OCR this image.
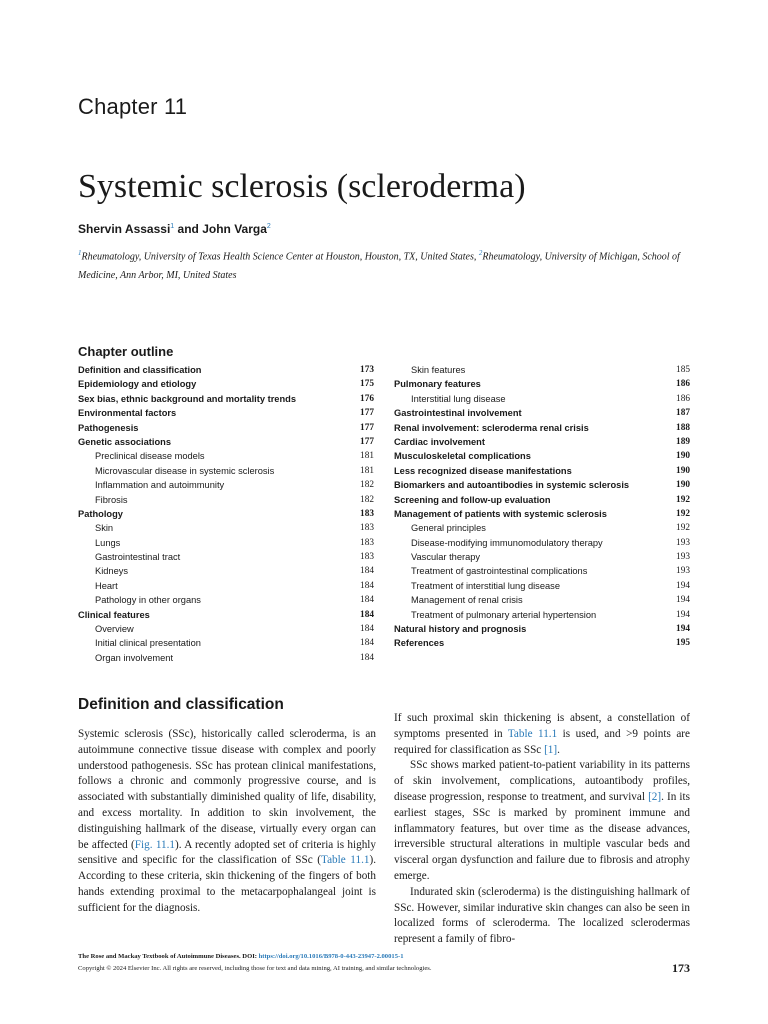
Chapter 11
Systemic sclerosis (scleroderma)
Shervin Assassi$^1$ and John Varga$^2$
$^1$Rheumatology, University of Texas Health Science Center at Houston, Houston, TX, United States, $^2$Rheumatology, University of Michigan, School of Medicine, Ann Arbor, MI, United States
Chapter outline
Definition and classification	173
Epidemiology and etiology	175
Sex bias, ethnic background and mortality trends	176
Environmental factors	177
Pathogenesis	177
Genetic associations	177
Preclinical disease models	181
Microvascular disease in systemic sclerosis	181
Inflammation and autoimmunity	182
Fibrosis	182
Pathology	183
Skin	183
Lungs	183
Gastrointestinal tract	183
Kidneys	184
Heart	184
Pathology in other organs	184
Clinical features	184
Overview	184
Initial clinical presentation	184
Organ involvement	184
Skin features	185
Pulmonary features	186
Interstitial lung disease	186
Gastrointestinal involvement	187
Renal involvement: scleroderma renal crisis	188
Cardiac involvement	189
Musculoskeletal complications	190
Less recognized disease manifestations	190
Biomarkers and autoantibodies in systemic sclerosis	190
Screening and follow-up evaluation	192
Management of patients with systemic sclerosis	192
General principles	192
Disease-modifying immunomodulatory therapy	193
Vascular therapy	193
Treatment of gastrointestinal complications	193
Treatment of interstitial lung disease	194
Management of renal crisis	194
Treatment of pulmonary arterial hypertension	194
Natural history and prognosis	194
References	195
Definition and classification

Systemic sclerosis (SSc), historically called scleroderma, is an autoimmune connective tissue disease with complex and poorly understood pathogenesis. SSc has protean clinical manifestations, follows a chronic and commonly progressive course, and is associated with substantially diminished quality of life, disability, and excess mortality. In addition to skin involvement, the distinguishing hallmark of the disease, virtually every organ can be affected (Fig. 11.1). A recently adopted set of criteria is highly sensitive and specific for the classification of SSc (Table 11.1). According to these criteria, skin thickening of the fingers of both hands extending proximal to the metacarpophalangeal joint is sufficient for the diagnosis.

If such proximal skin thickening is absent, a constellation of symptoms presented in Table 11.1 is used, and >9 points are required for classification as SSc [1].

SSc shows marked patient-to-patient variability in its patterns of skin involvement, complications, autoantibody profiles, disease progression, response to treatment, and survival [2]. In its earliest stages, SSc is marked by prominent immune and inflammatory features, but over time as the disease advances, irreversible structural alterations in multiple vascular beds and visceral organ dysfunction and failure due to fibrosis and atrophy emerge.

Indurated skin (scleroderma) is the distinguishing hallmark of SSc. However, similar indurative skin changes can also be seen in localized forms of scleroderma. The localized sclerodermas represent a family of fibro-

The Rose and Mackay Textbook of Autoimmune Diseases. DOI: https://doi.org/10.1016/B978-0-443-23947-2.00015-1
Copyright © 2024 Elsevier Inc. All rights are reserved, including those for text and data mining, AI training, and similar technologies.	173
